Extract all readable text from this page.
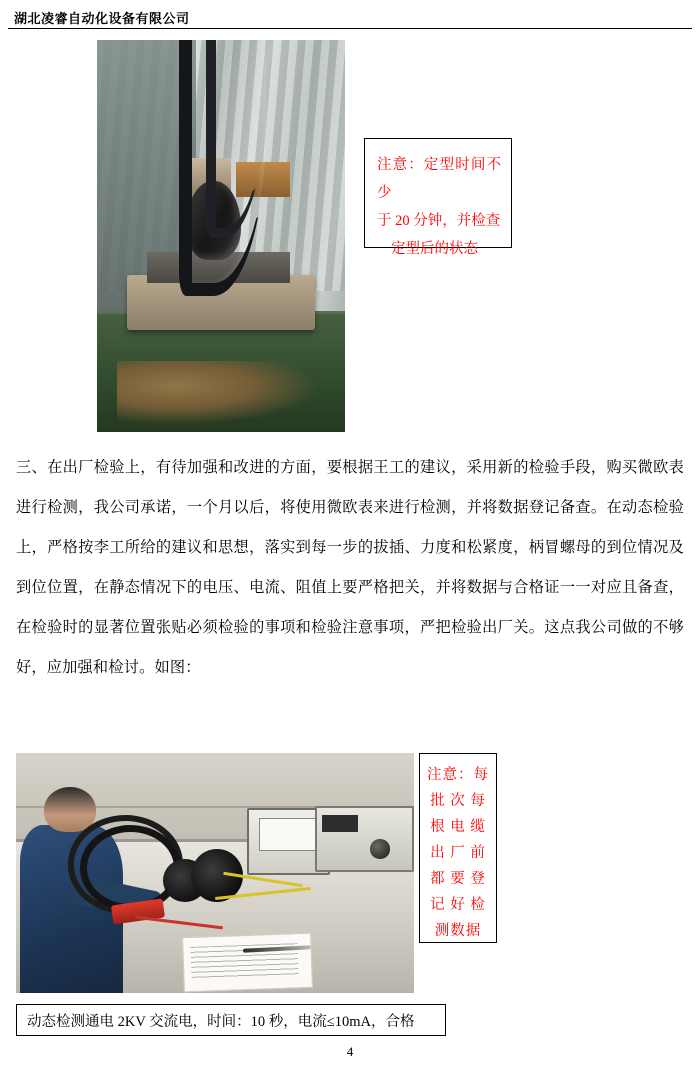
湖北凌睿自动化设备有限公司
注意：定型时间不少
于 20 分钟，并检查
定型后的状态
三、在出厂检验上，有待加强和改进的方面，要根据王工的建议，采用新的检验手段，购买微欧表进行检测，我公司承诺，一个月以后，将使用微欧表来进行检测，并将数据登记备查。在动态检验上，严格按李工所给的建议和思想，落实到每一步的拔插、力度和松紧度，柄冒螺母的到位情况及到位位置，在静态情况下的电压、电流、阻值上要严格把关，并将数据与合格证一一对应且备查，在检验时的显著位置张贴必须检验的事项和检验注意事项，严把检验出厂关。这点我公司做的不够好，应加强和检讨。如图：
注意：每
批 次 每
根 电 缆
出 厂 前
都 要 登
记 好 检
测数据
动态检测通电 2KV 交流电，时间：10 秒，电流≤10mA，合格
4
